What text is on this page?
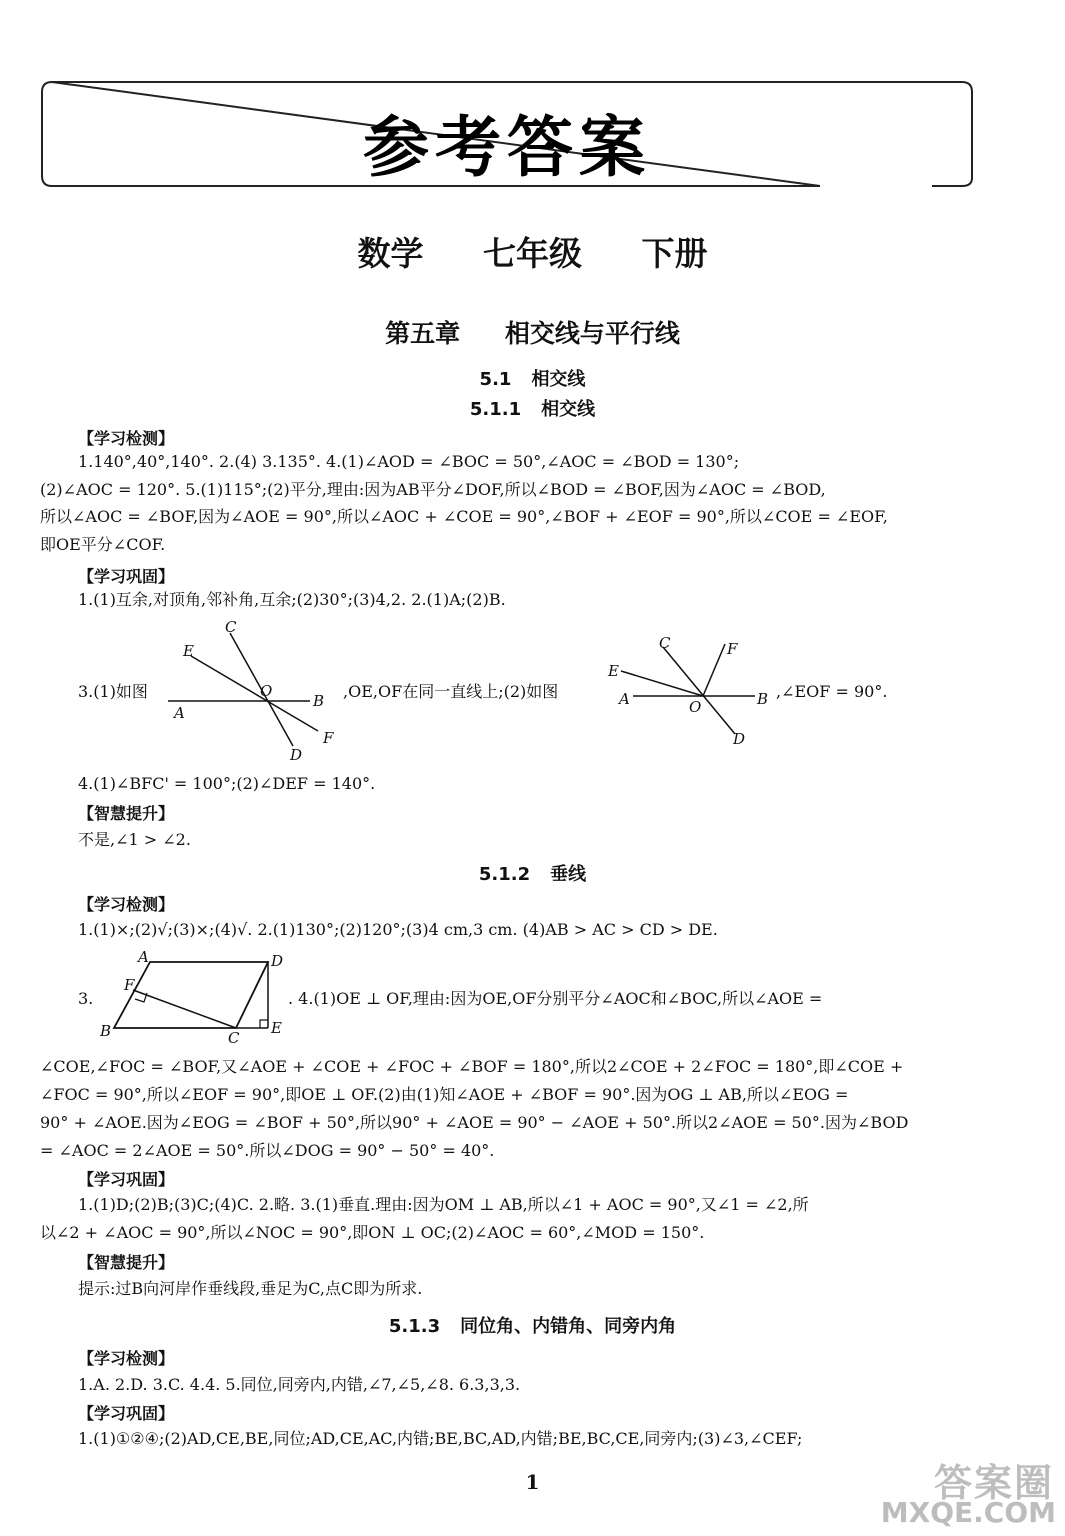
参考答案
数学 七年级 下册
第五章 相交线与平行线
5.1 相交线
5.1.1 相交线
【学习检测】
1.140°,40°,140°. 2.(4) 3.135°. 4.(1)∠AOD = ∠BOC = 50°,∠AOC = ∠BOD = 130°;
(2)∠AOC = 120°. 5.(1)115°;(2)平分,理由:因为AB平分∠DOF,所以∠BOD = ∠BOF,因为∠AOC = ∠BOD,
所以∠AOC = ∠BOF,因为∠AOE = 90°,所以∠AOC + ∠COE = 90°,∠BOF + ∠EOF = 90°,所以∠COE = ∠EOF,
即OE平分∠COF.
【学习巩固】
1.(1)互余,对顶角,邻补角,互余;(2)30°;(3)4,2. 2.(1)A;(2)B.
3.(1)如图
A
B
C
D
E
F
O	,OE,OF在同一直线上;(2)如图	A	B
C
D
E
F
O
,∠EOF = 90°.
4.(1)∠BFC' = 100°;(2)∠DEF = 140°.
【智慧提升】
不是,∠1 > ∠2.
5.1.2 垂线
【学习检测】
1.(1)×;(2)√;(3)×;(4)√. 2.(1)130°;(2)120°;(3)4 cm,3 cm. (4)AB > AC > CD > DE.
3.
A
B	C
D
E
F
. 4.(1)OE ⊥ OF,理由:因为OE,OF分别平分∠AOC和∠BOC,所以∠AOE =
∠COE,∠FOC = ∠BOF,又∠AOE + ∠COE + ∠FOC + ∠BOF = 180°,所以2∠COE + 2∠FOC = 180°,即∠COE +
∠FOC = 90°,所以∠EOF = 90°,即OE ⊥ OF.(2)由(1)知∠AOE + ∠BOF = 90°.因为OG ⊥ AB,所以∠EOG =
90° + ∠AOE.因为∠EOG = ∠BOF + 50°,所以90° + ∠AOE = 90° − ∠AOE + 50°.所以2∠AOE = 50°.因为∠BOD
= ∠AOC = 2∠AOE = 50°.所以∠DOG = 90° − 50° = 40°.
【学习巩固】
1.(1)D;(2)B;(3)C;(4)C. 2.略. 3.(1)垂直.理由:因为OM ⊥ AB,所以∠1 + AOC = 90°,又∠1 = ∠2,所
以∠2 + ∠AOC = 90°,所以∠NOC = 90°,即ON ⊥ OC;(2)∠AOC = 60°,∠MOD = 150°.
【智慧提升】
提示:过B向河岸作垂线段,垂足为C,点C即为所求.
5.1.3 同位角、内错角、同旁内角
【学习检测】
1.A. 2.D. 3.C. 4.4. 5.同位,同旁内,内错,∠7,∠5,∠8. 6.3,3,3.
【学习巩固】
1.(1)①②④;(2)AD,CE,BE,同位;AD,CE,AC,内错;BE,BC,AD,内错;BE,BC,CE,同旁内;(3)∠3,∠CEF;
1	答案圈
MXQE.COM
